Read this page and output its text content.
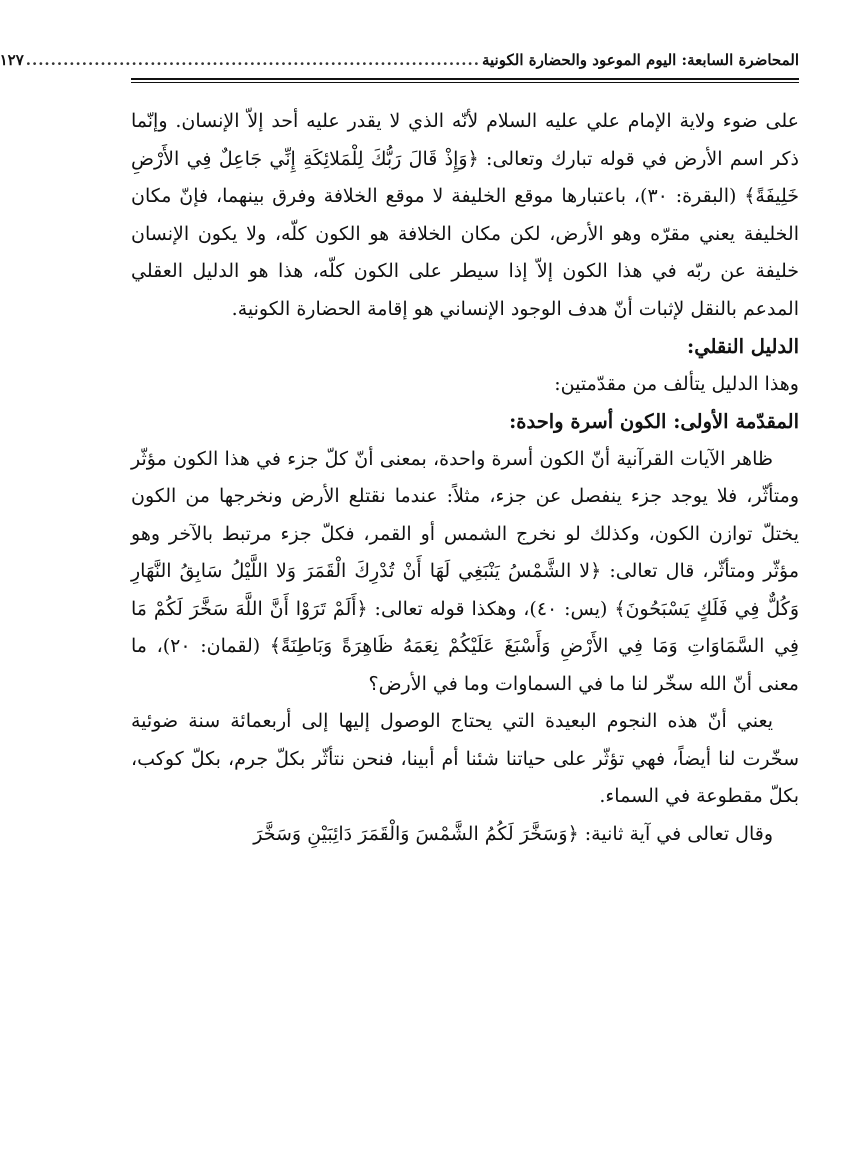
المحاضرة السابعة: اليوم الموعود والحضارة الكونية
.........................................................................
١٢٧

على ضوء ولاية الإمام علي عليه السلام لأنّه الذي لا يقدر عليه أحد إلاّ الإنسان. وإنّما ذكر اسم الأرض في قوله تبارك وتعالى: ﴿وَإِذْ قَالَ رَبُّكَ لِلْمَلائِكَةِ إِنِّي جَاعِلٌ فِي الأَرْضِ خَلِيفَةً﴾ (البقرة: ٣٠)، باعتبارها موقع الخليفة لا موقع الخلافة وفرق بينهما، فإنّ مكان الخليفة يعني مقرّه وهو الأرض، لكن مكان الخلافة هو الكون كلّه، ولا يكون الإنسان خليفة عن ربّه في هذا الكون إلاّ إذا سيطر على الكون كلّه، هذا هو الدليل العقلي المدعم بالنقل لإثبات أنّ هدف الوجود الإنساني هو إقامة الحضارة الكونية.

الدليل النقلي:

وهذا الدليل يتألف من مقدّمتين:

المقدّمة الأولى: الكون أسرة واحدة:

ظاهر الآيات القرآنية أنّ الكون أسرة واحدة، بمعنى أنّ كلّ جزء في هذا الكون مؤثّر ومتأثّر، فلا يوجد جزء ينفصل عن جزء، مثلاً: عندما نقتلع الأرض ونخرجها من الكون يختلّ توازن الكون، وكذلك لو نخرج الشمس أو القمر، فكلّ جزء مرتبط بالآخر وهو مؤثّر ومتأثّر، قال تعالى: ﴿لا الشَّمْسُ يَنْبَغِي لَهَا أَنْ تُدْرِكَ الْقَمَرَ وَلا اللَّيْلُ سَابِقُ النَّهَارِ وَكُلٌّ فِي فَلَكٍ يَسْبَحُونَ﴾ (يس: ٤٠)، وهكذا قوله تعالى: ﴿أَلَمْ تَرَوْا أَنَّ اللَّهَ سَخَّرَ لَكُمْ مَا فِي السَّمَاوَاتِ وَمَا فِي الأَرْضِ وَأَسْبَغَ عَلَيْكُمْ نِعَمَهُ ظَاهِرَةً وَبَاطِنَةً﴾ (لقمان: ٢٠)، ما معنى أنّ الله سخّر لنا ما في السماوات وما في الأرض؟

يعني أنّ هذه النجوم البعيدة التي يحتاج الوصول إليها إلى أربعمائة سنة ضوئية سخّرت لنا أيضاً، فهي تؤثّر على حياتنا شئنا أم أبينا، فنحن نتأثّر بكلّ جرم، بكلّ كوكب، بكلّ مقطوعة في السماء.

وقال تعالى في آية ثانية: ﴿وَسَخَّرَ لَكُمُ الشَّمْسَ وَالْقَمَرَ دَائِبَيْنِ وَسَخَّرَ
